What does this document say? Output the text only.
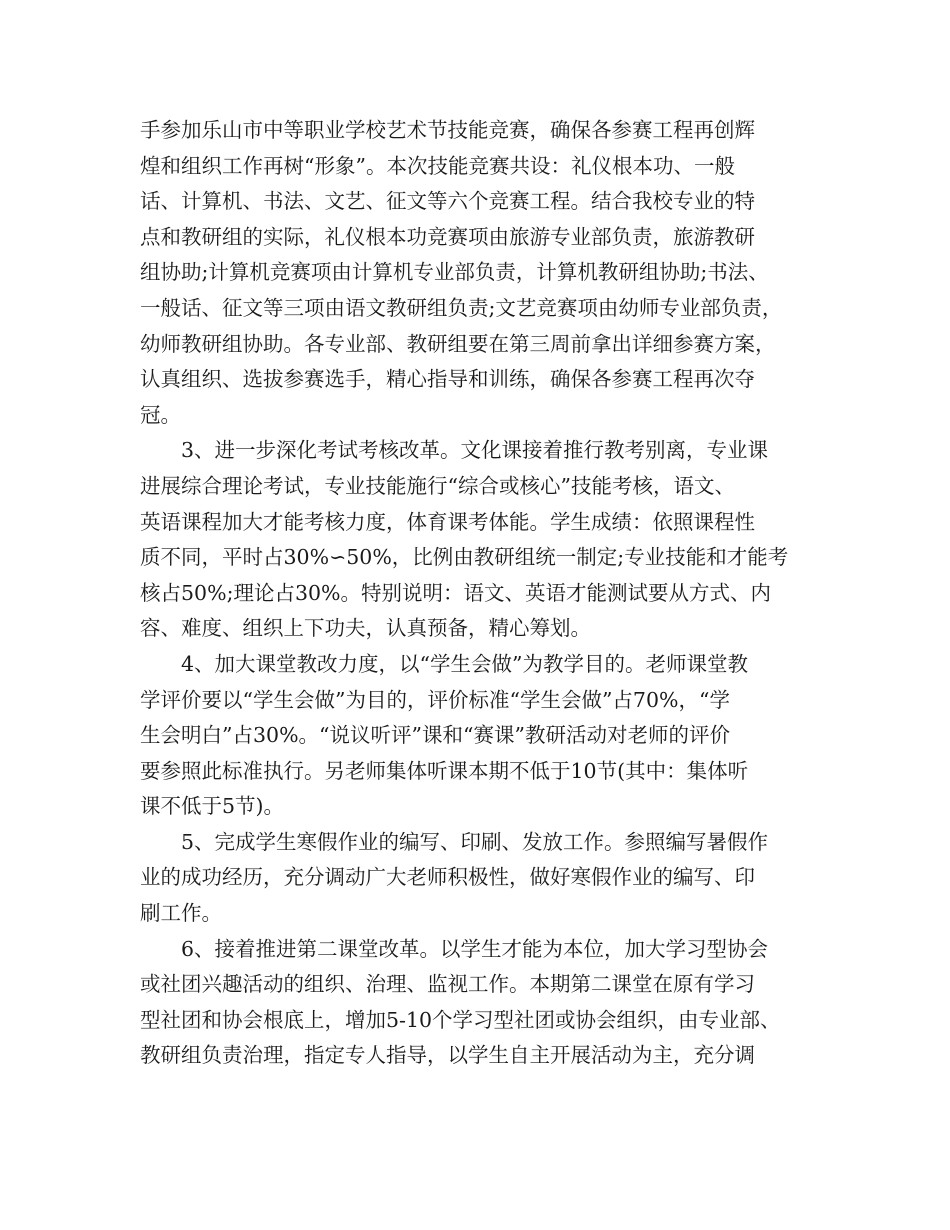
手参加乐山市中等职业学校艺术节技能竞赛，确保各参赛工程再创辉
煌和组织工作再树“形象”。本次技能竞赛共设：礼仪根本功、一般
话、计算机、书法、文艺、征文等六个竞赛工程。结合我校专业的特
点和教研组的实际，礼仪根本功竞赛项由旅游专业部负责，旅游教研
组协助;计算机竞赛项由计算机专业部负责，计算机教研组协助;书法、
一般话、征文等三项由语文教研组负责;文艺竞赛项由幼师专业部负责，
幼师教研组协助。各专业部、教研组要在第三周前拿出详细参赛方案，
认真组织、选拔参赛选手，精心指导和训练，确保各参赛工程再次夺
冠。
　　3、进一步深化考试考核改革。文化课接着推行教考别离，专业课
进展综合理论考试，专业技能施行“综合或核心”技能考核，语文、
英语课程加大才能考核力度，体育课考体能。学生成绩：依照课程性
质不同，平时占30%∽50%，比例由教研组统一制定;专业技能和才能考
核占50%;理论占30%。特别说明：语文、英语才能测试要从方式、内
容、难度、组织上下功夫，认真预备，精心筹划。
　　4、加大课堂教改力度，以“学生会做”为教学目的。老师课堂教
学评价要以“学生会做”为目的，评价标准“学生会做”占70%，“学
生会明白”占30%。“说议听评”课和“赛课”教研活动对老师的评价
要参照此标准执行。另老师集体听课本期不低于10节(其中：集体听
课不低于5节)。
　　5、完成学生寒假作业的编写、印刷、发放工作。参照编写暑假作
业的成功经历，充分调动广大老师积极性，做好寒假作业的编写、印
刷工作。
　　6、接着推进第二课堂改革。以学生才能为本位，加大学习型协会
或社团兴趣活动的组织、治理、监视工作。本期第二课堂在原有学习
型社团和协会根底上，增加5-10个学习型社团或协会组织，由专业部、
教研组负责治理，指定专人指导，以学生自主开展活动为主，充分调
